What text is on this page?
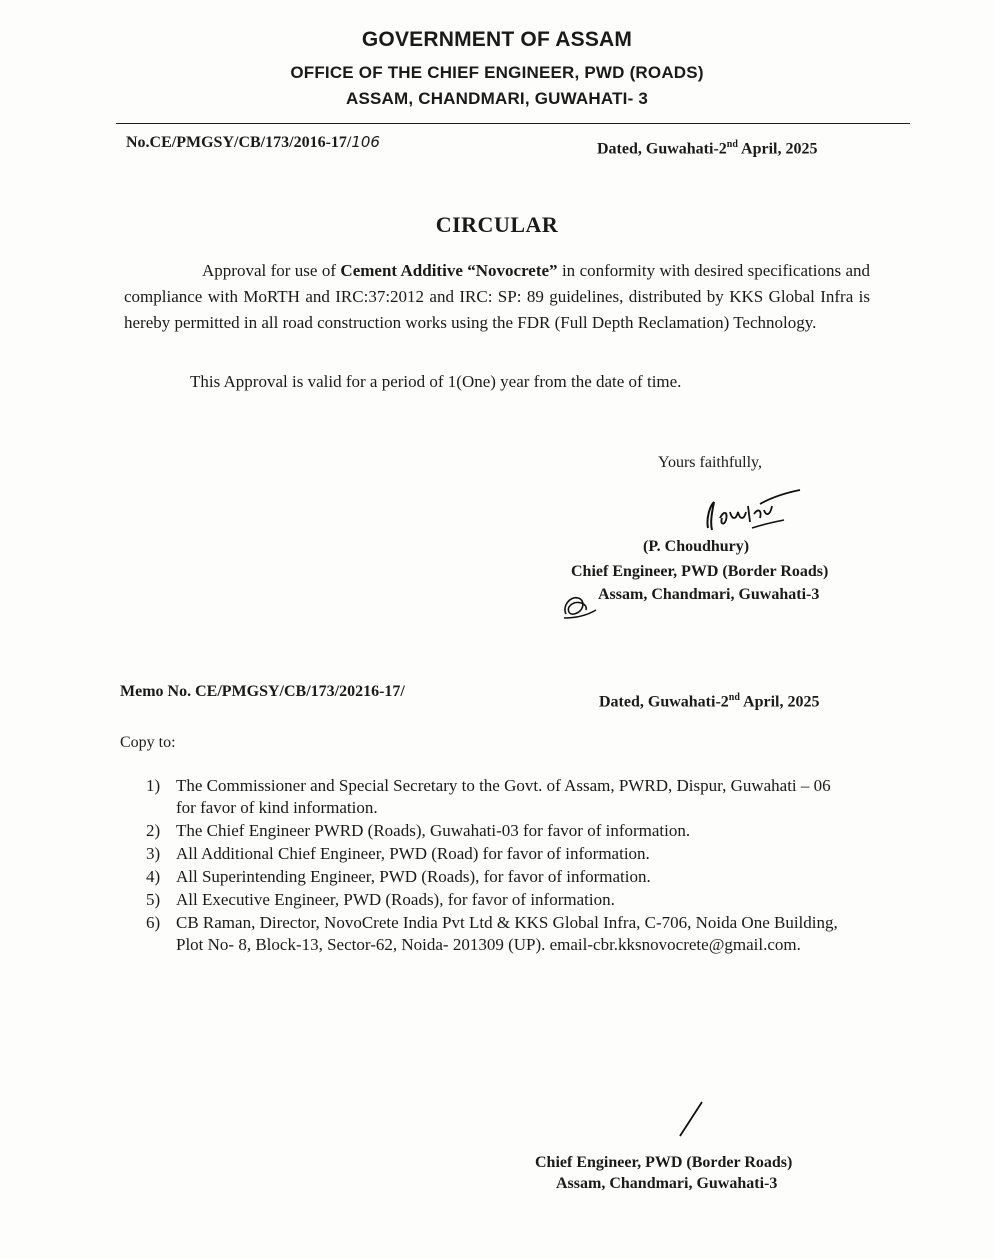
GOVERNMENT OF ASSAM
OFFICE OF THE CHIEF ENGINEER, PWD (ROADS)
ASSAM, CHANDMARI, GUWAHATI- 3
No.CE/PMGSY/CB/173/2016-17/106	Dated, Guwahati-2nd April, 2025
CIRCULAR
Approval for use of Cement Additive “Novocrete” in conformity with desired specifications and compliance with MoRTH and IRC:37:2012 and IRC: SP: 89 guidelines, distributed by KKS Global Infra is hereby permitted in all road construction works using the FDR (Full Depth Reclamation) Technology.
This Approval is valid for a period of 1(One) year from the date of time.
Yours faithfully,
(P. Choudhury)
Chief Engineer, PWD (Border Roads)
Assam, Chandmari, Guwahati-3
Memo No. CE/PMGSY/CB/173/20216-17/
Dated, Guwahati-2nd April, 2025
Copy to:
1) The Commissioner and Special Secretary to the Govt. of Assam, PWRD, Dispur, Guwahati – 06 for favor of kind information.
2) The Chief Engineer PWRD (Roads), Guwahati-03 for favor of information.
3) All Additional Chief Engineer, PWD (Road) for favor of information.
4) All Superintending Engineer, PWD (Roads), for favor of information.
5) All Executive Engineer, PWD (Roads), for favor of information.
6) CB Raman, Director, NovoCrete India Pvt Ltd & KKS Global Infra, C-706, Noida One Building, Plot No- 8, Block-13, Sector-62, Noida- 201309 (UP). email-cbr.kksnovocrete@gmail.com.
Chief Engineer, PWD (Border Roads)
Assam, Chandmari, Guwahati-3
